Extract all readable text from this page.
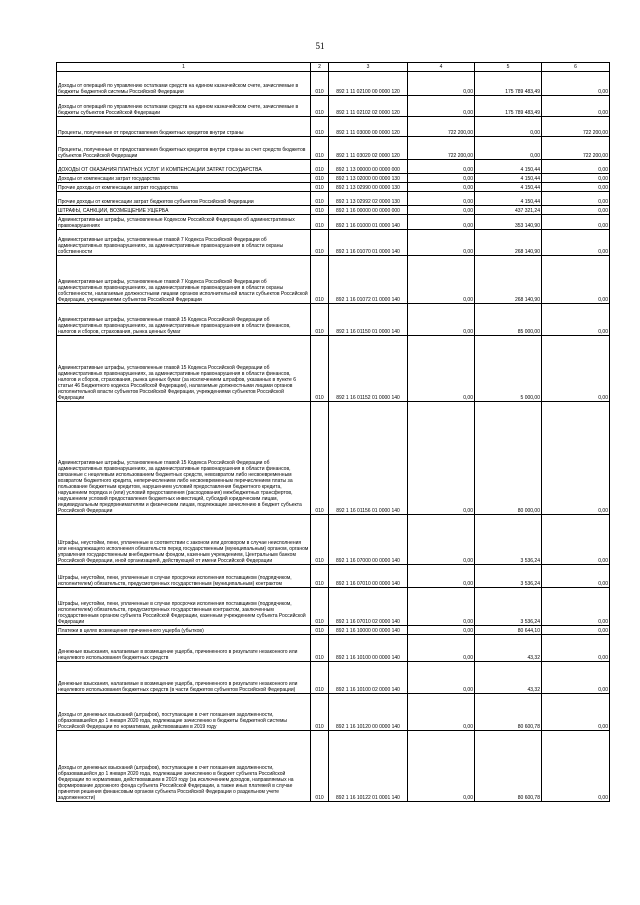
51
1	2	3	4	5	6
Доходы от операций по управлению остатками средств на едином казначейском счете, зачисляемые в бюджеты бюджетной системы Российской Федерации	010	892 1 11 02100 00 0000 120	0,00	175 789 483,49	0,00
Доходы от операций по управлению остатками средств на едином казначейском счете, зачисляемые в бюджеты субъектов Российской Федерации	010	892 1 11 02102 02 0000 120	0,00	175 789 483,49	0,00
Проценты, полученные от предоставления бюджетных кредитов внутри страны	010	892 1 11 03000 00 0000 120	722 200,00	0,00	722 200,00
Проценты, полученные от предоставления бюджетных кредитов внутри страны за счет средств бюджетов субъектов Российской Федерации	010	892 1 11 03020 02 0000 120	722 200,00	0,00	722 200,00
ДОХОДЫ ОТ ОКАЗАНИЯ ПЛАТНЫХ УСЛУГ И КОМПЕНСАЦИИ ЗАТРАТ ГОСУДАРСТВА	010	892 1 13 00000 00 0000 000	0,00	4 150,44	0,00
Доходы от компенсации затрат государства	010	892 1 13 02000 00 0000 130	0,00	4 150,44	0,00
Прочие доходы от компенсации затрат государства	010	892 1 13 02990 00 0000 130	0,00	4 150,44	0,00
Прочие доходы от компенсации затрат бюджетов субъектов Российской Федерации	010	892 1 13 02992 02 0000 130	0,00	4 150,44	0,00
ШТРАФЫ, САНКЦИИ, ВОЗМЕЩЕНИЕ УЩЕРБА	010	892 1 16 00000 00 0000 000	0,00	437 321,24	0,00
Административные штрафы, установленные Кодексом Российской Федерации об административных правонарушениях	010	892 1 16 01000 01 0000 140	0,00	353 140,90	0,00
Административные штрафы, установленные главой 7 Кодекса Российской Федерации об административных правонарушениях, за административные правонарушения в области охраны собственности	010	892 1 16 01070 01 0000 140	0,00	268 140,90	0,00
Административные штрафы, установленные главой 7 Кодекса Российской Федерации об административных правонарушениях, за административные правонарушения в области охраны собственности, налагаемые должностными лицами органов исполнительной власти субъектов Российской Федерации, учреждениями субъектов Российской Федерации	010	892 1 16 01072 01 0000 140	0,00	268 140,90	0,00
Административные штрафы, установленные главой 15 Кодекса Российской Федерации об административных правонарушениях, за административные правонарушения в области финансов, налогов и сборов, страхования, рынка ценных бумаг	010	892 1 16 01150 01 0000 140	0,00	85 000,00	0,00
Административные штрафы, установленные главой 15 Кодекса Российской Федерации об административных правонарушениях, за административные правонарушения в области финансов, налогов и сборов, страхования, рынка ценных бумаг (за исключением штрафов, указанных в пункте 6 статьи 46 Бюджетного кодекса Российской Федерации), налагаемые должностными лицами органов исполнительной власти субъектов Российской Федерации, учреждениями субъектов Российской Федерации	010	892 1 16 01152 01 0000 140	0,00	5 000,00	0,00
Административные штрафы, установленные главой 15 Кодекса Российской Федерации об административных правонарушениях, за административные правонарушения в области финансов, связанные с нецелевым использованием бюджетных средств, невозвратом либо несвоевременным возвратом бюджетного кредита, неперечислением либо несвоевременным перечислением платы за пользование бюджетным кредитом, нарушением условий предоставления бюджетного кредита, нарушением порядка и (или) условий предоставления (расходования) межбюджетных трансфертов, нарушением условий предоставления бюджетных инвестиций, субсидий юридическим лицам, индивидуальным предпринимателям и физическим лицам, подлежащие зачислению в бюджет субъекта Российской Федерации	010	892 1 16 01156 01 0000 140	0,00	80 000,00	0,00
Штрафы, неустойки, пени, уплаченные в соответствии с законом или договором в случае неисполнения или ненадлежащего исполнения обязательств перед государственным (муниципальным) органом, органом управления государственным внебюджетным фондом, казенным учреждением, Центральным банком Российской Федерации, иной организацией, действующей от имени Российской Федерации	010	892 1 16 07000 00 0000 140	0,00	3 536,24	0,00
Штрафы, неустойки, пени, уплаченные в случае просрочки исполнения поставщиком (подрядчиком, исполнителем) обязательств, предусмотренных государственным (муниципальным) контрактом	010	892 1 16 07010 00 0000 140	0,00	3 536,24	0,00
Штрафы, неустойки, пени, уплаченные в случае просрочки исполнения поставщиком (подрядчиком, исполнителем) обязательств, предусмотренных государственным контрактом, заключенным государственным органом субъекта Российской Федерации, казенным учреждением субъекта Российской Федерации	010	892 1 16 07010 02 0000 140	0,00	3 536,24	0,00
Платежи в целях возмещения причиненного ущерба (убытков)	010	892 1 16 10000 00 0000 140	0,00	80 644,10	0,00
Денежные взыскания, налагаемые в возмещение ущерба, причиненного в результате незаконного или нецелевого использования бюджетных средств	010	892 1 16 10100 00 0000 140	0,00	43,32	0,00
Денежные взыскания, налагаемые в возмещение ущерба, причиненного в результате незаконного или нецелевого использования бюджетных средств (в части бюджетов субъектов Российской Федерации)	010	892 1 16 10100 02 0000 140	0,00	43,32	0,00
Доходы от денежных взысканий (штрафов), поступающие в счет погашения задолженности, образовавшейся до 1 января 2020 года, подлежащие зачислению в бюджеты бюджетной системы Российской Федерации по нормативам, действовавшим в 2019 году	010	892 1 16 10120 00 0000 140	0,00	80 600,78	0,00
Доходы от денежных взысканий (штрафов), поступающие в счет погашения задолженности, образовавшейся до 1 января 2020 года, подлежащие зачислению в бюджет субъекта Российской Федерации по нормативам, действовавшим в 2019 году (за исключением доходов, направляемых на формирование дорожного фонда субъекта Российской Федерации, а также иных платежей в случае принятия решения финансовым органом субъекта Российской Федерации о раздельном учете задолженности)	010	892 1 16 10122 01 0001 140	0,00	80 600,78	0,00
